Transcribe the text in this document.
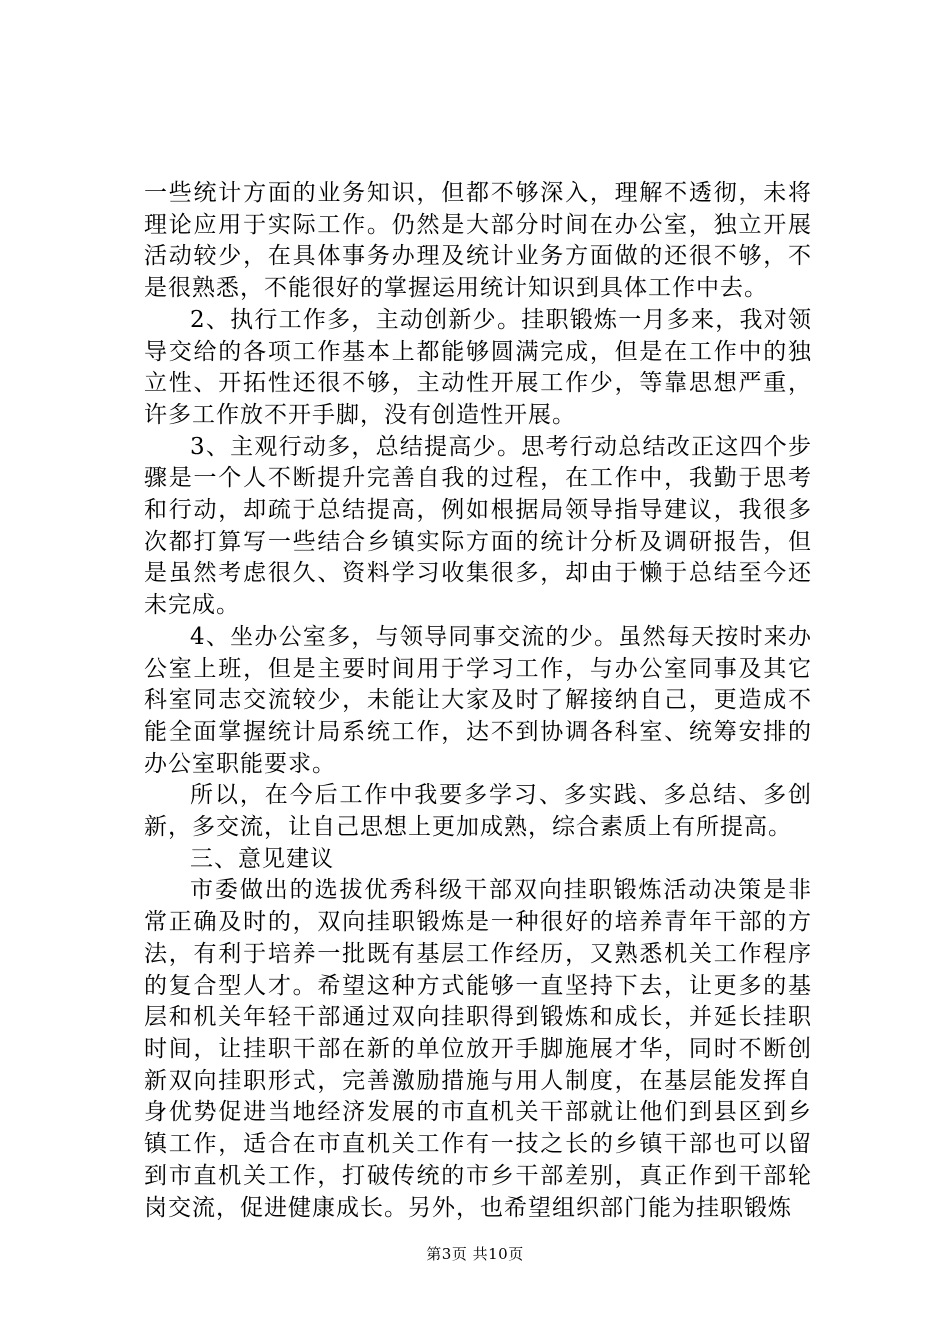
一些统计方面的业务知识，但都不够深入，理解不透彻，未将理论应用于实际工作。仍然是大部分时间在办公室，独立开展活动较少，在具体事务办理及统计业务方面做的还很不够，不是很熟悉，不能很好的掌握运用统计知识到具体工作中去。

2、执行工作多，主动创新少。挂职锻炼一月多来，我对领导交给的各项工作基本上都能够圆满完成，但是在工作中的独立性、开拓性还很不够，主动性开展工作少，等靠思想严重，许多工作放不开手脚，没有创造性开展。

3、主观行动多，总结提高少。思考行动总结改正这四个步骤是一个人不断提升完善自我的过程，在工作中，我勤于思考和行动，却疏于总结提高，例如根据局领导指导建议，我很多次都打算写一些结合乡镇实际方面的统计分析及调研报告，但是虽然考虑很久、资料学习收集很多，却由于懒于总结至今还未完成。

4、坐办公室多，与领导同事交流的少。虽然每天按时来办公室上班，但是主要时间用于学习工作，与办公室同事及其它科室同志交流较少，未能让大家及时了解接纳自己，更造成不能全面掌握统计局系统工作，达不到协调各科室、统筹安排的办公室职能要求。

所以，在今后工作中我要多学习、多实践、多总结、多创新，多交流，让自己思想上更加成熟，综合素质上有所提高。

三、意见建议

市委做出的选拔优秀科级干部双向挂职锻炼活动决策是非常正确及时的，双向挂职锻炼是一种很好的培养青年干部的方法，有利于培养一批既有基层工作经历，又熟悉机关工作程序的复合型人才。希望这种方式能够一直坚持下去，让更多的基层和机关年轻干部通过双向挂职得到锻炼和成长，并延长挂职时间，让挂职干部在新的单位放开手脚施展才华，同时不断创新双向挂职形式，完善激励措施与用人制度，在基层能发挥自身优势促进当地经济发展的市直机关干部就让他们到县区到乡镇工作，适合在市直机关工作有一技之长的乡镇干部也可以留到市直机关工作，打破传统的市乡干部差别，真正作到干部轮岗交流，促进健康成长。另外，也希望组织部门能为挂职锻炼

第3页 共10页
